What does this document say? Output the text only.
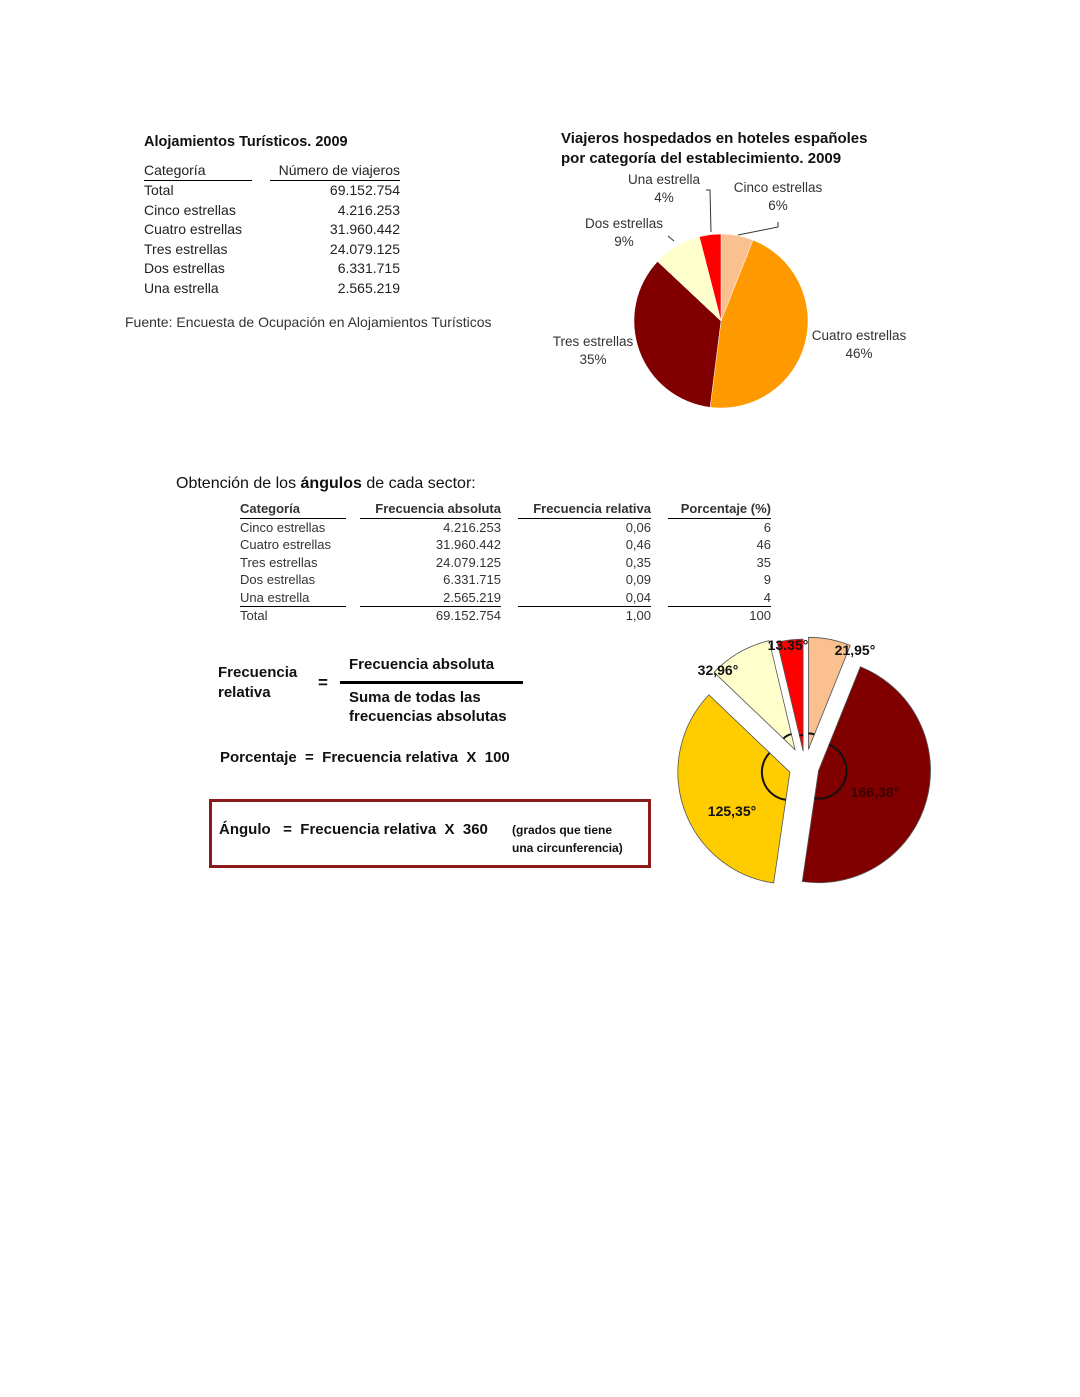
Alojamientos Turísticos. 2009
Categoría		Número de viajeros
Total		69.152.754
Cinco estrellas		4.216.253
Cuatro estrellas		31.960.442
Tres estrellas		24.079.125
Dos estrellas		6.331.715
Una estrella		2.565.219
Fuente: Encuesta de Ocupación en Alojamientos Turísticos
Viajeros hospedados en hoteles españoles
por categoría del establecimiento. 2009
Cinco estrellas
6%
Cuatro estrellas
46%
Tres estrellas
35%
Dos estrellas
9%
Una estrella
4%
Obtención de los ángulos de cada sector:
Categoría		Frecuencia absoluta		Frecuencia relativa		Porcentaje (%)
Cinco estrellas		4.216.253		0,06		6
Cuatro estrellas		31.960.442		0,46		46
Tres estrellas		24.079.125		0,35		35
Dos estrellas		6.331.715		0,09		9
Una estrella		2.565.219		0,04		4
Total		69.152.754		1,00		100
Frecuencia
relativa
=
Frecuencia absoluta
Suma de todas las
frecuencias absolutas
Porcentaje = Frecuencia relativa  X  100
Ángulo = Frecuencia relativa  X  360 (grados que tiene
una circunferencia)
21,95°
166,38°
125,35°
32,96°
13.35°
